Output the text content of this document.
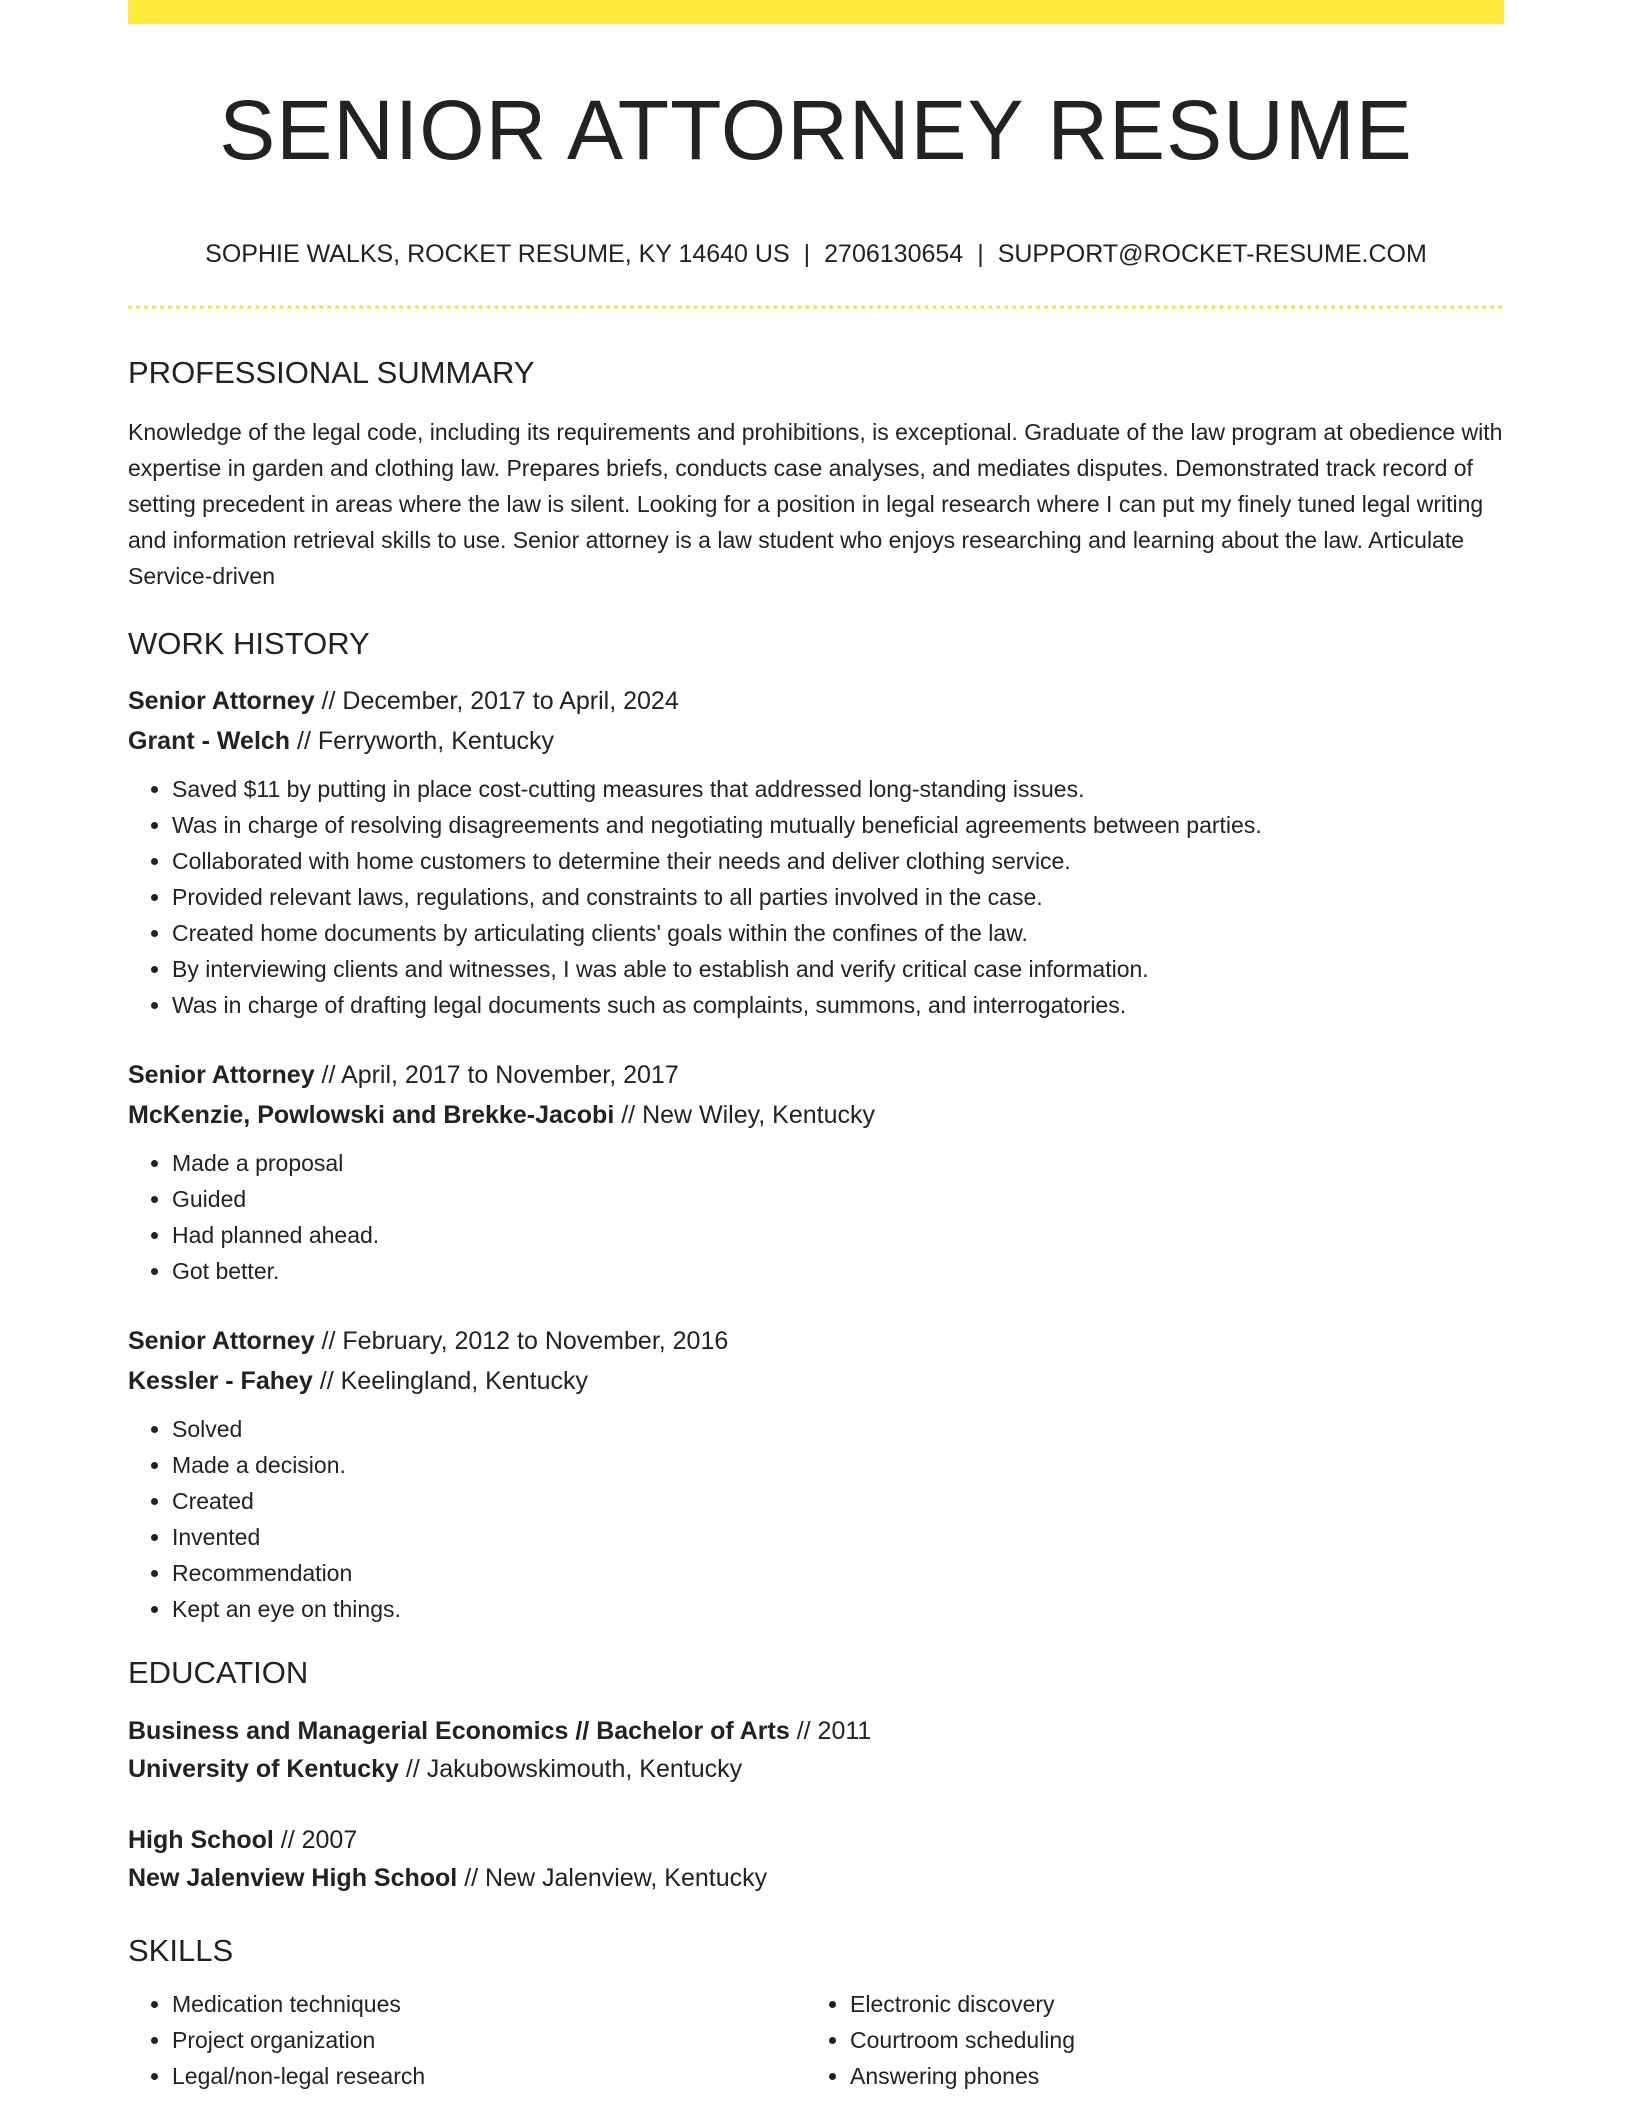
SENIOR ATTORNEY RESUME
SOPHIE WALKS, ROCKET RESUME, KY 14640 US | 2706130654 | SUPPORT@ROCKET-RESUME.COM
PROFESSIONAL SUMMARY
Knowledge of the legal code, including its requirements and prohibitions, is exceptional. Graduate of the law program at obedience with expertise in garden and clothing law. Prepares briefs, conducts case analyses, and mediates disputes. Demonstrated track record of setting precedent in areas where the law is silent. Looking for a position in legal research where I can put my finely tuned legal writing and information retrieval skills to use. Senior attorney is a law student who enjoys researching and learning about the law. Articulate Service-driven
WORK HISTORY
Senior Attorney // December, 2017 to April, 2024
Grant - Welch // Ferryworth, Kentucky
• Saved $11 by putting in place cost-cutting measures that addressed long-standing issues.
• Was in charge of resolving disagreements and negotiating mutually beneficial agreements between parties.
• Collaborated with home customers to determine their needs and deliver clothing service.
• Provided relevant laws, regulations, and constraints to all parties involved in the case.
• Created home documents by articulating clients' goals within the confines of the law.
• By interviewing clients and witnesses, I was able to establish and verify critical case information.
• Was in charge of drafting legal documents such as complaints, summons, and interrogatories.
Senior Attorney // April, 2017 to November, 2017
McKenzie, Powlowski and Brekke-Jacobi // New Wiley, Kentucky
• Made a proposal
• Guided
• Had planned ahead.
• Got better.
Senior Attorney // February, 2012 to November, 2016
Kessler - Fahey // Keelingland, Kentucky
• Solved
• Made a decision.
• Created
• Invented
• Recommendation
• Kept an eye on things.
EDUCATION
Business and Managerial Economics // Bachelor of Arts // 2011
University of Kentucky // Jakubowskimouth, Kentucky
High School // 2007
New Jalenview High School // New Jalenview, Kentucky
SKILLS
• Medication techniques
• Project organization
• Legal/non-legal research
• Electronic discovery
• Courtroom scheduling
• Answering phones
